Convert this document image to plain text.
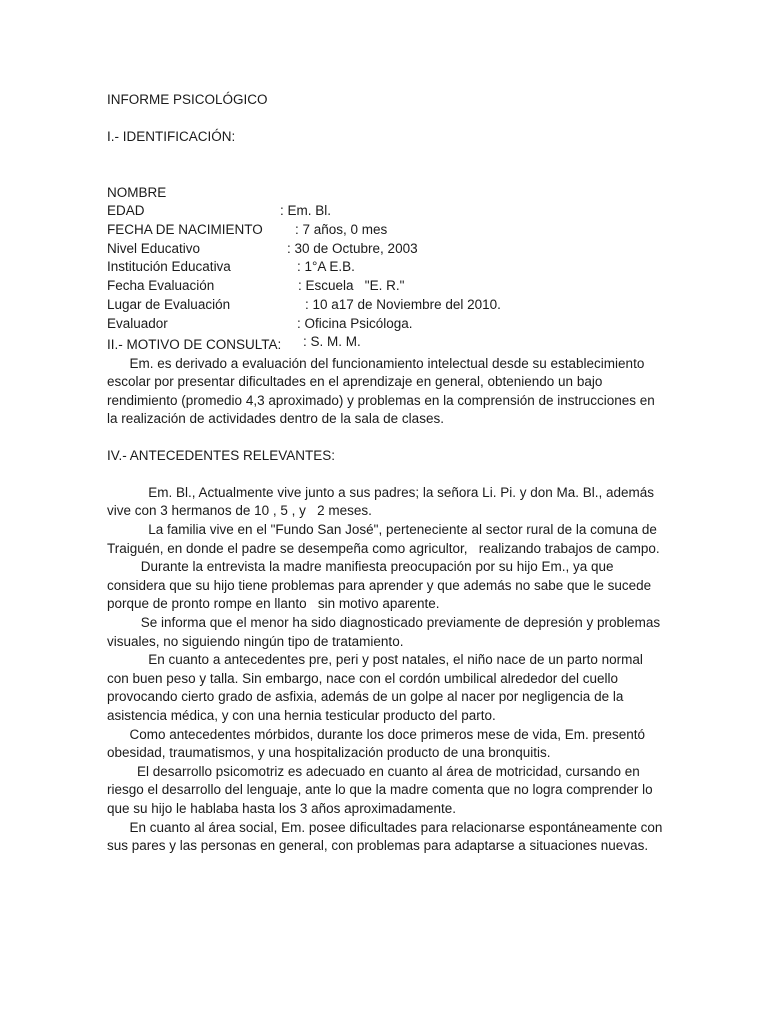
INFORME PSICOLÓGICO
I.- IDENTIFICACIÓN:

NOMBRE

: Em. Bl.

EDAD

: 7 años, 0 mes

FECHA DE NACIMIENTO

: 30 de Octubre, 2003

Nivel Educativo

: 1°A E.B.

Institución Educativa

: Escuela   "E. R."

Fecha Evaluación

: 10 a17 de Noviembre del 2010.

Lugar de Evaluación

: Oficina Psicóloga.

Evaluador

: S. M. M.

II.- MOTIVO DE CONSULTA:
Em. es derivado a evaluación del funcionamiento intelectual desde su establecimiento escolar por presentar dificultades en el aprendizaje en general, obteniendo un bajo rendimiento (promedio 4,3 aproximado) y problemas en la comprensión de instrucciones en la realización de actividades dentro de la sala de clases.
IV.- ANTECEDENTES RELEVANTES:
Em. Bl., Actualmente vive junto a sus padres; la señora Li. Pi. y don Ma. Bl., además vive con 3 hermanos de 10 , 5 , y   2 meses.
La familia vive en el "Fundo San José", perteneciente al sector rural de la comuna de Traiguén, en donde el padre se desempeña como agricultor,   realizando trabajos de campo.
Durante la entrevista la madre manifiesta preocupación por su hijo Em., ya que considera que su hijo tiene problemas para aprender y que además no sabe que le sucede porque de pronto rompe en llanto   sin motivo aparente.
Se informa que el menor ha sido diagnosticado previamente de depresión y problemas visuales, no siguiendo ningún tipo de tratamiento.
En cuanto a antecedentes pre, peri y post natales, el niño nace de un parto normal con buen peso y talla. Sin embargo, nace con el cordón umbilical alrededor del cuello provocando cierto grado de asfixia, además de un golpe al nacer por negligencia de la asistencia médica, y con una hernia testicular producto del parto.
Como antecedentes mórbidos, durante los doce primeros mese de vida, Em. presentó obesidad, traumatismos, y una hospitalización producto de una bronquitis.
El desarrollo psicomotriz es adecuado en cuanto al área de motricidad, cursando en riesgo el desarrollo del lenguaje, ante lo que la madre comenta que no logra comprender lo que su hijo le hablaba hasta los 3 años aproximadamente.
En cuanto al área social, Em. posee dificultades para relacionarse espontáneamente con sus pares y las personas en general, con problemas para adaptarse a situaciones nuevas.
